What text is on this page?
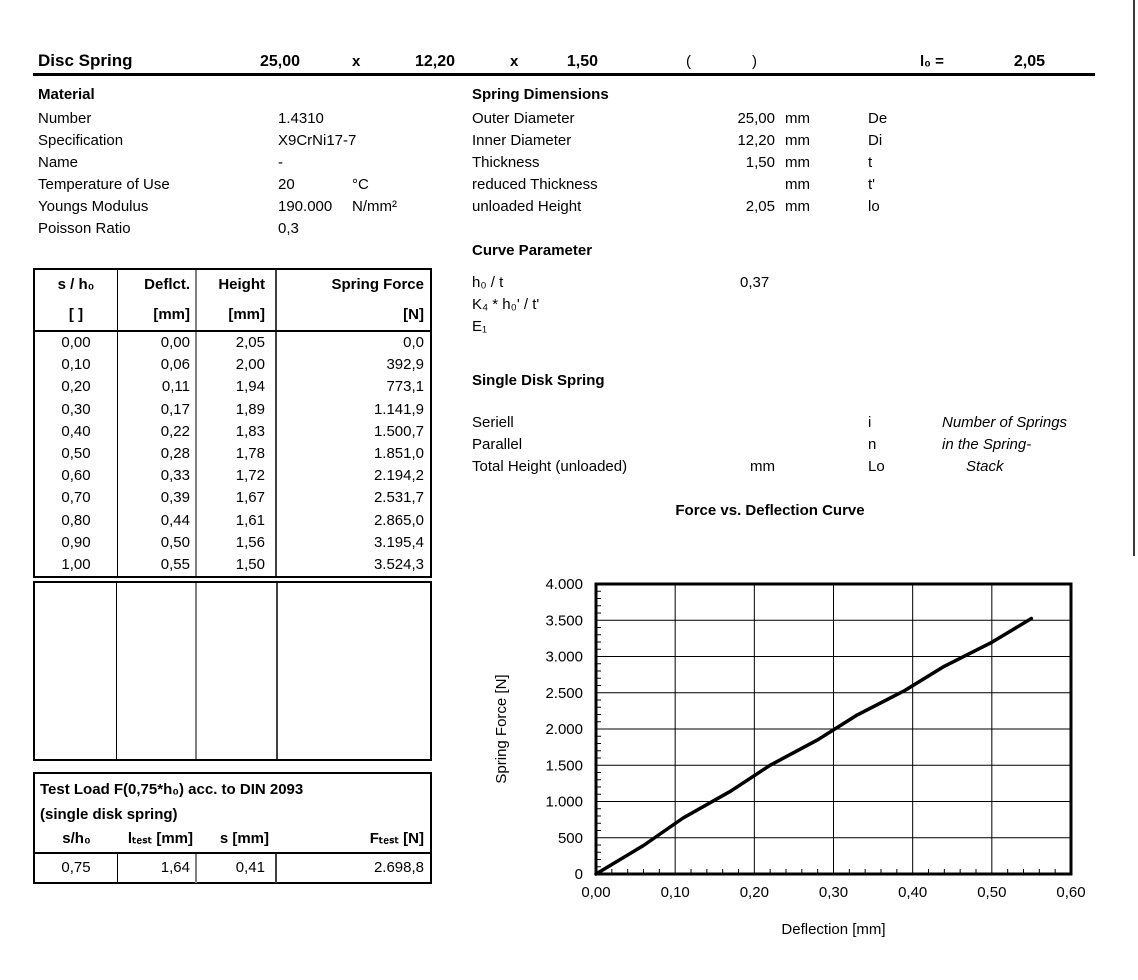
Disc Spring	25,00	x	12,20	x	1,50	(	)	l₀ =	2,05
Material
Number	1.4310
Specification	X9CrNi17-7
Name	-
Temperature of Use	20	°C
Youngs Modulus	190.000 N/mm²
Poisson Ratio	0,3
Spring Dimensions
Outer Diameter	25,00 mm	De
Inner Diameter	12,20 mm	Di
Thickness	1,50 mm	t
reduced Thickness	mm	t'
unloaded Height	2,05 mm	lo
Curve Parameter
h₀ / t	0,37
K₄ * h₀' / t'
E₁
Single Disk Spring
Seriell	i	Number of Springs
Parallel	n	in the Spring-
Total Height (unloaded)	mm	Lo	Stack
s / h₀	Deflct.	Height	Spring Force
[ ]	[mm]	[mm]	[N]
0,00	0,00	2,05	0,0
0,10	0,06	2,00	392,9
0,20	0,11	1,94	773,1
0,30	0,17	1,89	1.141,9
0,40	0,22	1,83	1.500,7
0,50	0,28	1,78	1.851,0
0,60	0,33	1,72	2.194,2
0,70	0,39	1,67	2.531,7
0,80	0,44	1,61	2.865,0
0,90	0,50	1,56	3.195,4
1,00	0,55	1,50	3.524,3
Test Load F(0,75*h₀) acc. to DIN 2093
(single disk spring)
s/h₀	lₜₑₛₜ [mm]	s [mm]	Fₜₑₛₜ [N]
0,75	1,64	0,41	2.698,8
Force vs. Deflection Curve
0,00	0,10	0,20	0,30	0,40	0,50	0,60
0
500
1.000
1.500
2.000
2.500
3.000
3.500
4.000
Deflection [mm]
Spring Force [N]
